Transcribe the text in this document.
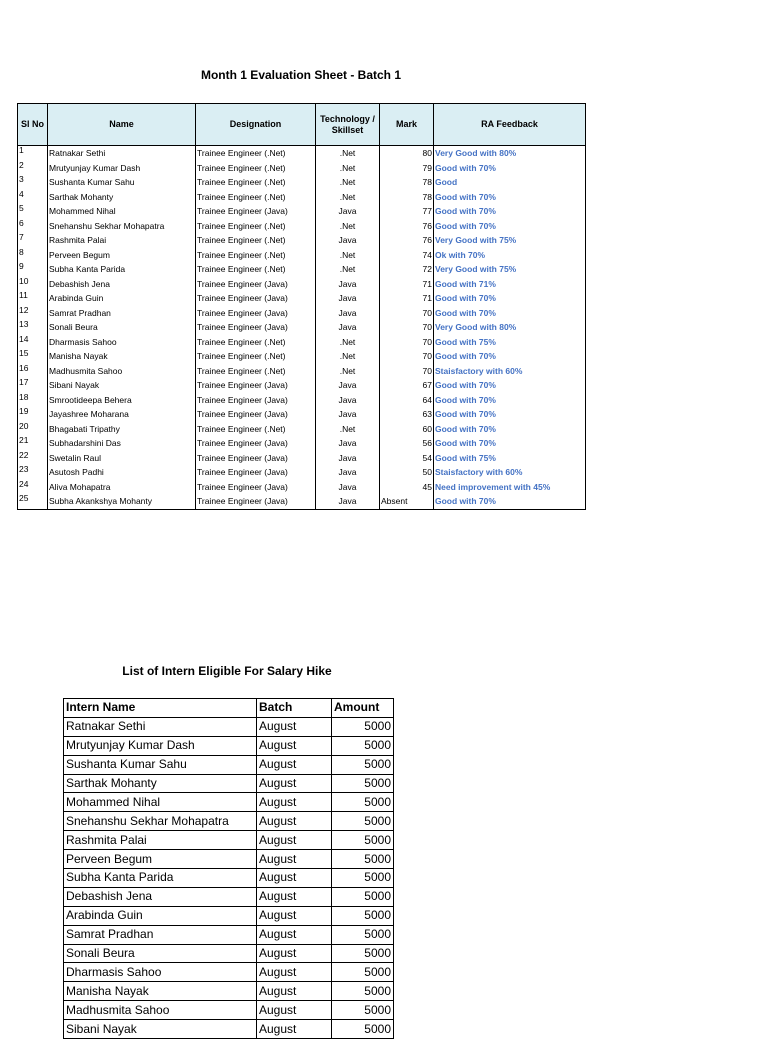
Month 1 Evaluation Sheet - Batch 1
Sl No	Name	Designation	Technology / Skillset	Mark	RA Feedback
1	Ratnakar Sethi	Trainee Engineer (.Net)	.Net	80	Very Good with 80%
2	Mrutyunjay Kumar Dash	Trainee Engineer (.Net)	.Net	79	Good with 70%
3	Sushanta Kumar Sahu	Trainee Engineer (.Net)	.Net	78	Good
4	Sarthak Mohanty	Trainee Engineer (.Net)	.Net	78	Good with 70%
5	Mohammed Nihal	Trainee Engineer (Java)	Java	77	Good with 70%
6	Snehanshu Sekhar Mohapatra	Trainee Engineer (.Net)	.Net	76	Good with 70%
7	Rashmita Palai	Trainee Engineer (.Net)	Java	76	Very Good with 75%
8	Perveen Begum	Trainee Engineer (.Net)	.Net	74	Ok with 70%
9	Subha Kanta Parida	Trainee Engineer (.Net)	.Net	72	Very Good with 75%
10	Debashish Jena	Trainee Engineer (Java)	Java	71	Good with 71%
11	Arabinda Guin	Trainee Engineer (Java)	Java	71	Good with 70%
12	Samrat Pradhan	Trainee Engineer (Java)	Java	70	Good with 70%
13	Sonali Beura	Trainee Engineer (Java)	Java	70	Very Good with 80%
14	Dharmasis Sahoo	Trainee Engineer (.Net)	.Net	70	Good with 75%
15	Manisha Nayak	Trainee Engineer (.Net)	.Net	70	Good with 70%
16	Madhusmita Sahoo	Trainee Engineer (.Net)	.Net	70	Staisfactory with 60%
17	Sibani Nayak	Trainee Engineer (Java)	Java	67	Good with 70%
18	Smrootideepa Behera	Trainee Engineer (Java)	Java	64	Good with 70%
19	Jayashree Moharana	Trainee Engineer (Java)	Java	63	Good with 70%
20	Bhagabati Tripathy	Trainee Engineer (.Net)	.Net	60	Good with 70%
21	Subhadarshini Das	Trainee Engineer (Java)	Java	56	Good with 70%
22	Swetalin Raul	Trainee Engineer (Java)	Java	54	Good with 75%
23	Asutosh Padhi	Trainee Engineer (Java)	Java	50	Staisfactory with 60%
24	Aliva Mohapatra	Trainee Engineer (Java)	Java	45	Need improvement with 45%
25	Subha Akankshya Mohanty	Trainee Engineer (Java)	Java	Absent	Good with 70%
List of Intern Eligible For Salary Hike
Intern Name	Batch	Amount
Ratnakar Sethi	August	5000
Mrutyunjay Kumar Dash	August	5000
Sushanta Kumar Sahu	August	5000
Sarthak Mohanty	August	5000
Mohammed Nihal	August	5000
Snehanshu Sekhar Mohapatra	August	5000
Rashmita Palai	August	5000
Perveen Begum	August	5000
Subha Kanta Parida	August	5000
Debashish Jena	August	5000
Arabinda Guin	August	5000
Samrat Pradhan	August	5000
Sonali Beura	August	5000
Dharmasis Sahoo	August	5000
Manisha Nayak	August	5000
Madhusmita Sahoo	August	5000
Sibani Nayak	August	5000
